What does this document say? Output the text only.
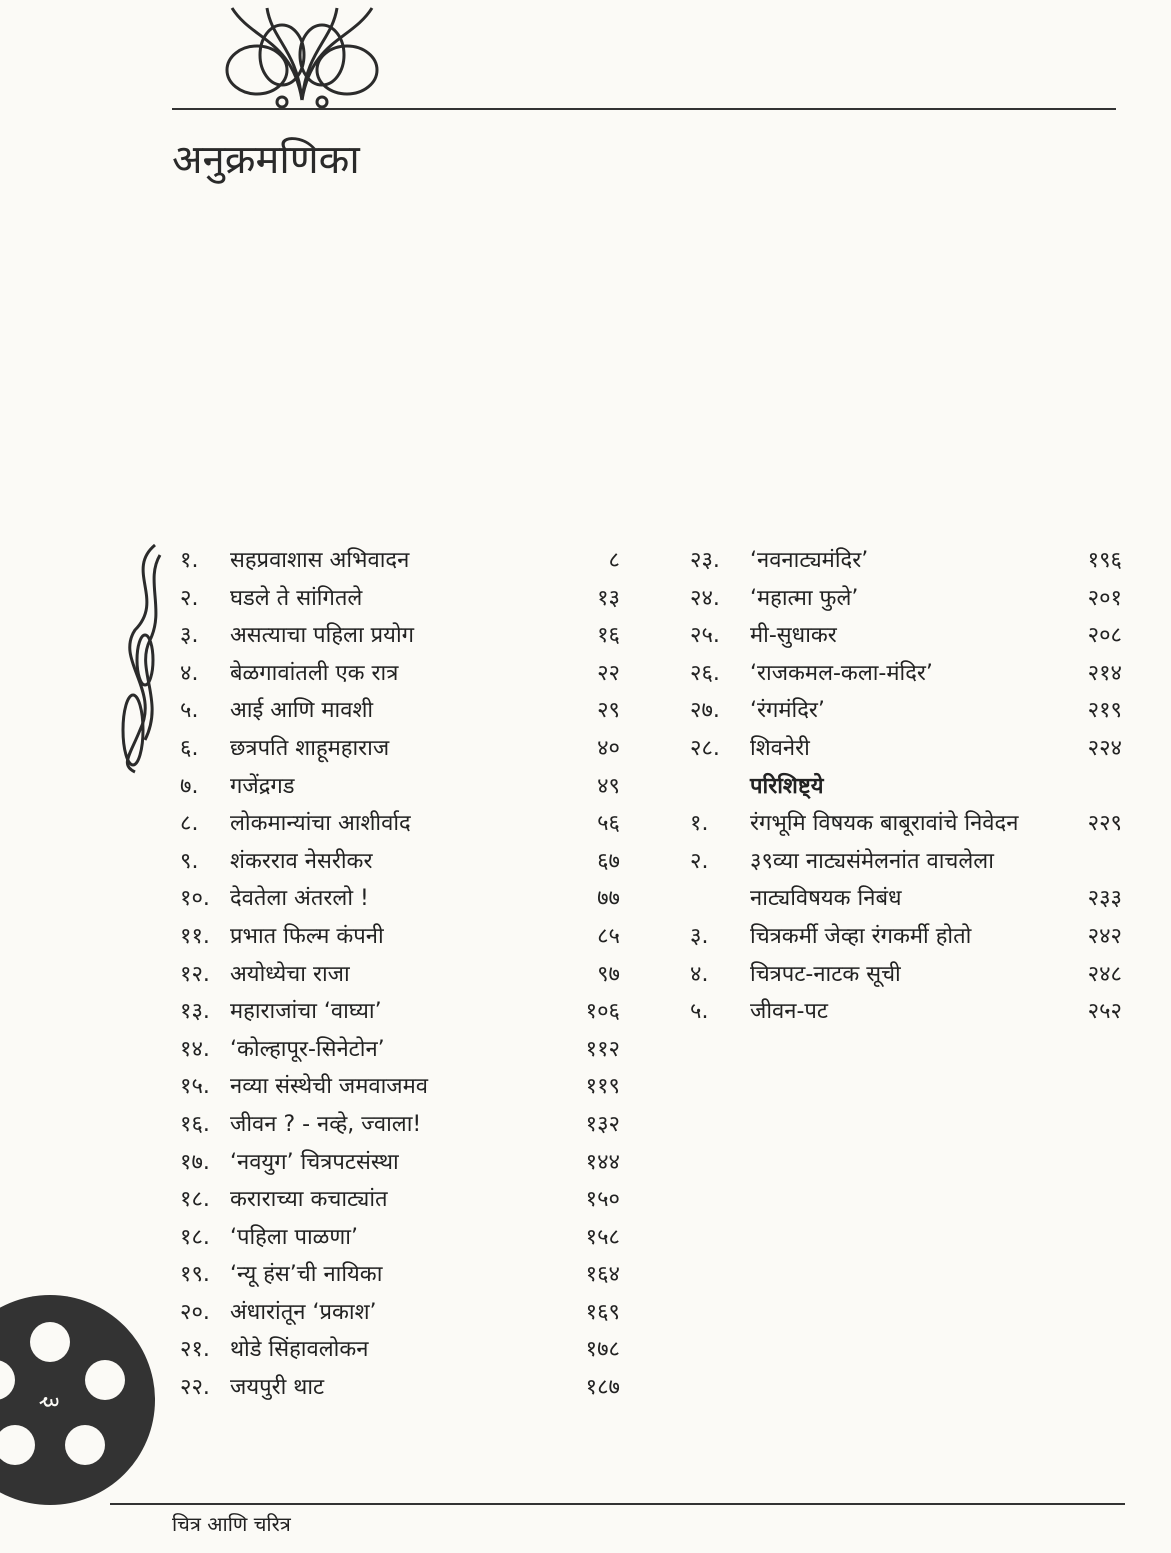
अनुक्रमणिका
१. सहप्रवाशास अभिवादन	८
२. घडले ते सांगितले	१३
३. असत्याचा पहिला प्रयोग	१६
४. बेळगावांतली एक रात्र	२२
५. आई आणि मावशी	२९
६. छत्रपति शाहूमहाराज	४०
७. गजेंद्रगड	४९
८. लोकमान्यांचा आशीर्वाद	५६
९. शंकरराव नेसरीकर	६७
१०. देवतेला अंतरलो !	७७
११. प्रभात फिल्म कंपनी	८५
१२. अयोध्येचा राजा	९७
१३. महाराजांचा ‘वाघ्या’	१०६
१४. ‘कोल्हापूर-सिनेटोन’	११२
१५. नव्या संस्थेची जमवाजमव	११९
१६. जीवन ? - नव्हे, ज्वाला!	१३२
१७. ‘नवयुग’ चित्रपटसंस्था	१४४
१८. कराराच्या कचाट्यांत	१५०
१८. ‘पहिला पाळणा’	१५८
१९. ‘न्यू हंस’ची नायिका	१६४
२०. अंधारांतून ‘प्रकाश’	१६९
२१. थोडे सिंहावलोकन	१७८
२२. जयपुरी थाट	१८७
२३. ‘नवनाट्यमंदिर’	१९६
२४. ‘महात्मा फुले’	२०१
२५. मी-सुधाकर	२०८
२६. ‘राजकमल-कला-मंदिर’	२१४
२७. ‘रंगमंदिर’	२१९
२८. शिवनेरी	२२४
परिशिष्ट्ये
१. रंगभूमि विषयक बाबूरावांचे निवेदन	२२९
२. ३९व्या नाट्यसंमेलनांत वाचलेला
नाट्यविषयक निबंध	२३३
३. चित्रकर्मी जेव्हा रंगकर्मी होतो	२४२
४. चित्रपट-नाटक सूची	२४८
५. जीवन-पट	२५२
३
चित्र आणि चरित्र
